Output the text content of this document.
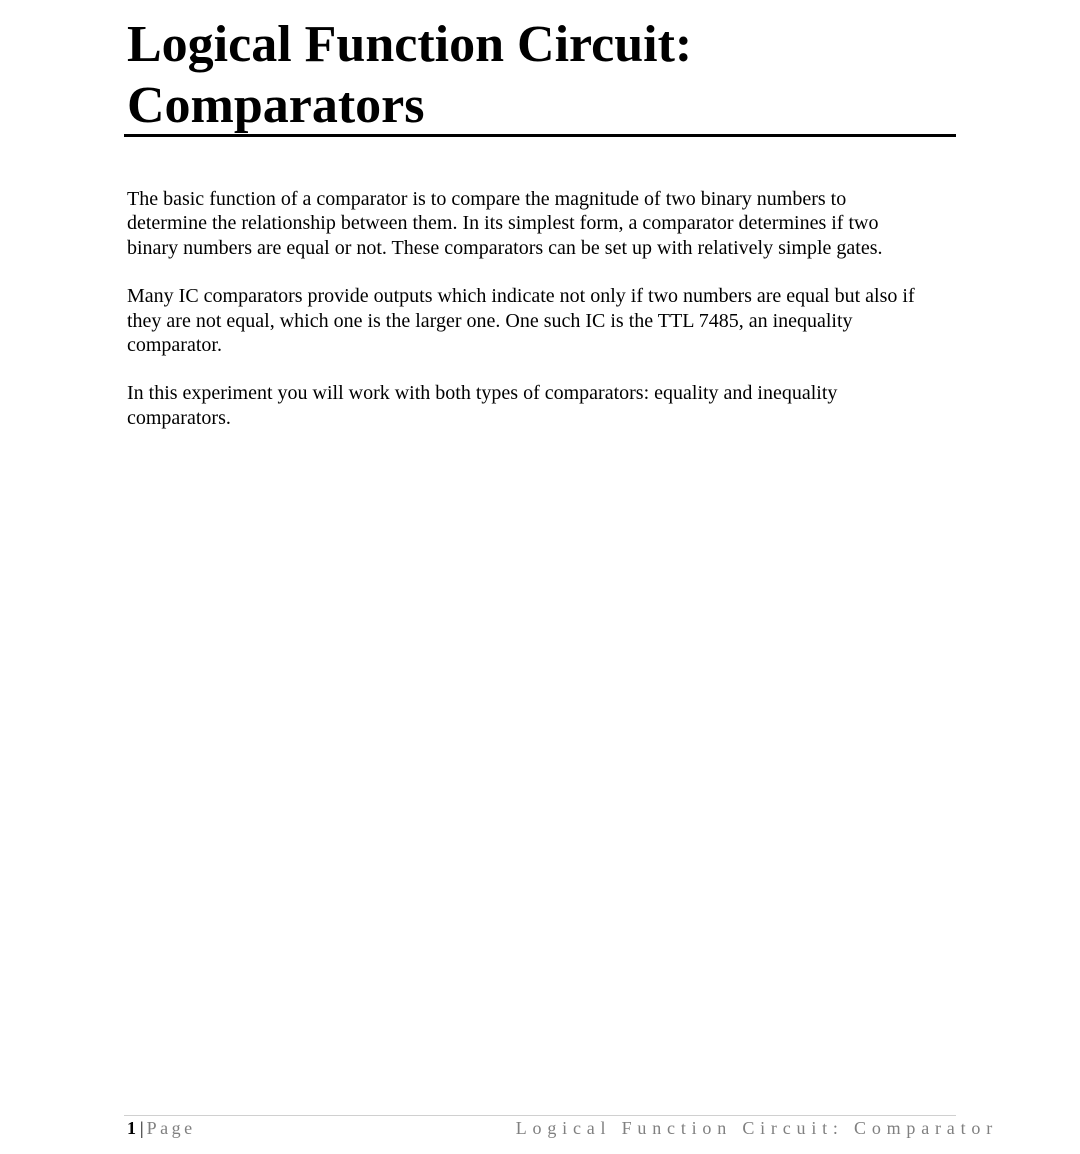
Logical Function Circuit: Comparators

The basic function of a comparator is to compare the magnitude of two binary numbers to determine the relationship between them. In its simplest form, a comparator determines if two binary numbers are equal or not. These comparators can be set up with relatively simple gates.

Many IC comparators provide outputs which indicate not only if two numbers are equal but also if they are not equal, which one is the larger one. One such IC is the TTL 7485, an inequality comparator.

In this experiment you will work with both types of comparators: equality and inequality comparators.

1 | Page	Logical Function Circuit: Comparator
